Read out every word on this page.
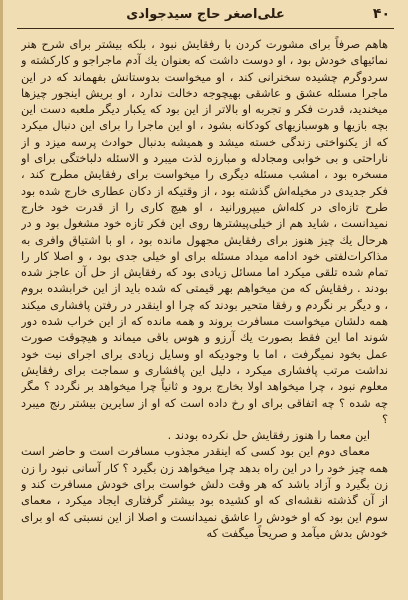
۴۰
علی‌اصغر حاج سیدجوادی

هاهم صرفاً برای مشورت کردن با رفقایش نبود ، بلکه بیشتر برای شرح هنر نمائیهای خودش بود ، او دوست داشت که بعنوان یك آدم ماجراجو و کارکشته و سردوگرم چشیده سخنرانی کند ، او میخواست بدوستانش بفهماند که در این ماجرا مسئله عشق و عاشقی بهیچوجه دخالت ندارد ، او بریش اینجور چیزها میخندید، قدرت فکر و تجربه او بالاتر از این بود که یکبار دیگر ملعبه دست این بچه بازیها و هوسبازیهای کودکانه بشود ، او این ماجرا را برای این دنبال میکرد که از یکنواختی زندگی خسته میشد و همیشه بدنبال حوادث پرسه میزد و از ناراحتی و بی خوابی ومجادله و مبارزه لذت میبرد و الاسئله دلباختگی برای او مسخره بود ، امشب مسئله دیگری را میخواست برای رفقایش مطرح کند ، فکر جدیدی در مخیله‌اش گذشته بود ، از وقتیکه از دکان عطاری خارج شده بود طرح تازه‌ای در کله‌اش میپرورانید ، او هیچ کاری را از قدرت خود خارج نمیدانست ، شاید هم از خیلی‌پیشترها روی این فکر تازه خود مشغول بود و در هرحال یك چیز هنوز برای رفقایش مجهول مانده بود ، او با اشتیاق وافری به مذاکرات‌لفتی خود ادامه میداد مسئله برای او خیلی جدی بود ، و اصلا کار را تمام شده تلقی میکرد اما مسائل زیادی بود که رفقایش از حل آن عاجز شده بودند . رفقایش که من میخواهم بهر قیمتی که شده باید از این خرابشده بروم ، و دیگر بر نگردم و رفقا متحیر بودند که چرا او اینقدر در رفتن پافشاری میکند همه دلشان میخواست مسافرت بروند و همه مانده که از این خراب شده دور شوند اما این فقط بصورت یك آرزو و هوس باقی میماند و هیچوقت صورت عمل بخود نمیگرفت ، اما با وجودیکه او وسایل زیادی برای اجرای نیت خود نداشت مرتب پافشاری میکرد ، دلیل این پافشاری و سماجت برای رفقایش معلوم نبود ، چرا میخواهد اولا بخارج برود و ثانیاً چرا میخواهد بر نگردد ؟ مگر چه شده ؟ چه اتفاقی برای او رخ داده است که او از سایرین بیشتر رنج میبرد ؟

این معما را هنوز رفقایش حل نکرده بودند .

معمای دوم این بود کسی که اینقدر مجذوب مسافرت است و حاضر است همه چیز خود را در این راه بدهد چرا میخواهد زن بگیرد ؟ کار آسانی نبود را زن زن بگیرد و آزاد باشد که هر وقت دلش خواست برای خودش مسافرت کند و از آن گذشته نقشه‌ای که او کشیده بود بیشتر گرفتاری ایجاد میکرد ، معمای سوم این بود که او خودش را عاشق نمیدانست و اصلا از این نسبتی که او برای خودش بدش میآمد و صریحاً میگفت که
